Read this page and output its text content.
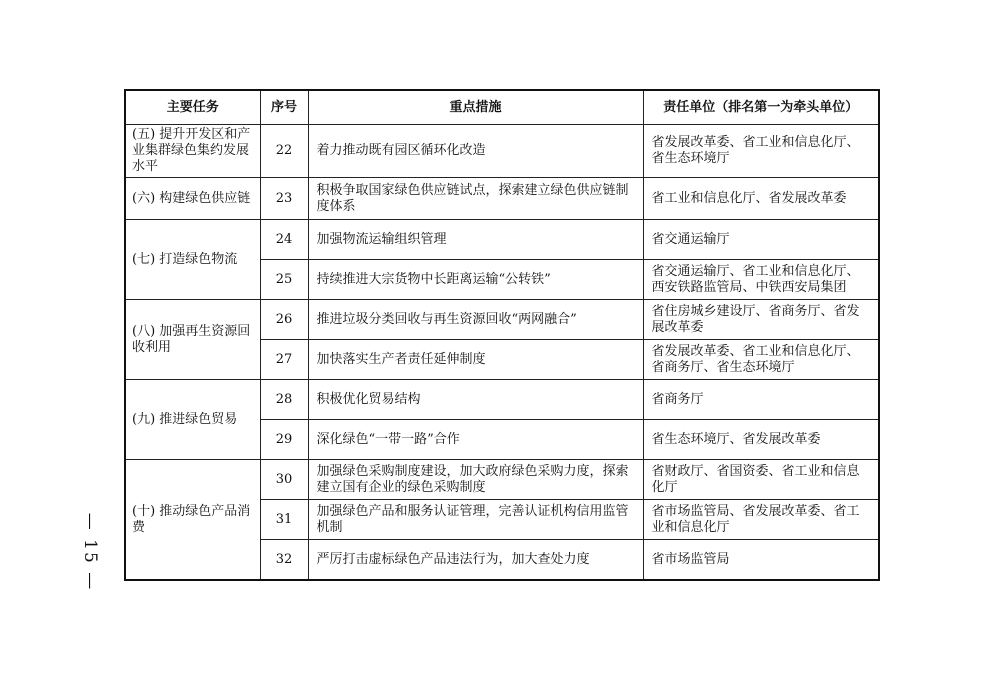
— 15 —
主要任务	序号	重点措施	责任单位（排名第一为牵头单位）
(五) 提升开发区和产业集群绿色集约发展水平	22	着力推动既有园区循环化改造	省发展改革委、省工业和信息化厅、省生态环境厅
(六) 构建绿色供应链	23	积极争取国家绿色供应链试点，探索建立绿色供应链制度体系	省工业和信息化厅、省发展改革委
(七) 打造绿色物流	24	加强物流运输组织管理	省交通运输厅
	25	持续推进大宗货物中长距离运输“公转铁”	省交通运输厅、省工业和信息化厅、西安铁路监管局、中铁西安局集团
(八) 加强再生资源回收利用	26	推进垃圾分类回收与再生资源回收“两网融合”	省住房城乡建设厅、省商务厅、省发展改革委
	27	加快落实生产者责任延伸制度	省发展改革委、省工业和信息化厅、省商务厅、省生态环境厅
(九) 推进绿色贸易	28	积极优化贸易结构	省商务厅
	29	深化绿色“一带一路”合作	省生态环境厅、省发展改革委
(十) 推动绿色产品消费	30	加强绿色采购制度建设，加大政府绿色采购力度，探索建立国有企业的绿色采购制度	省财政厅、省国资委、省工业和信息化厅
	31	加强绿色产品和服务认证管理，完善认证机构信用监管机制	省市场监管局、省发展改革委、省工业和信息化厅
	32	严厉打击虚标绿色产品违法行为，加大查处力度	省市场监管局
